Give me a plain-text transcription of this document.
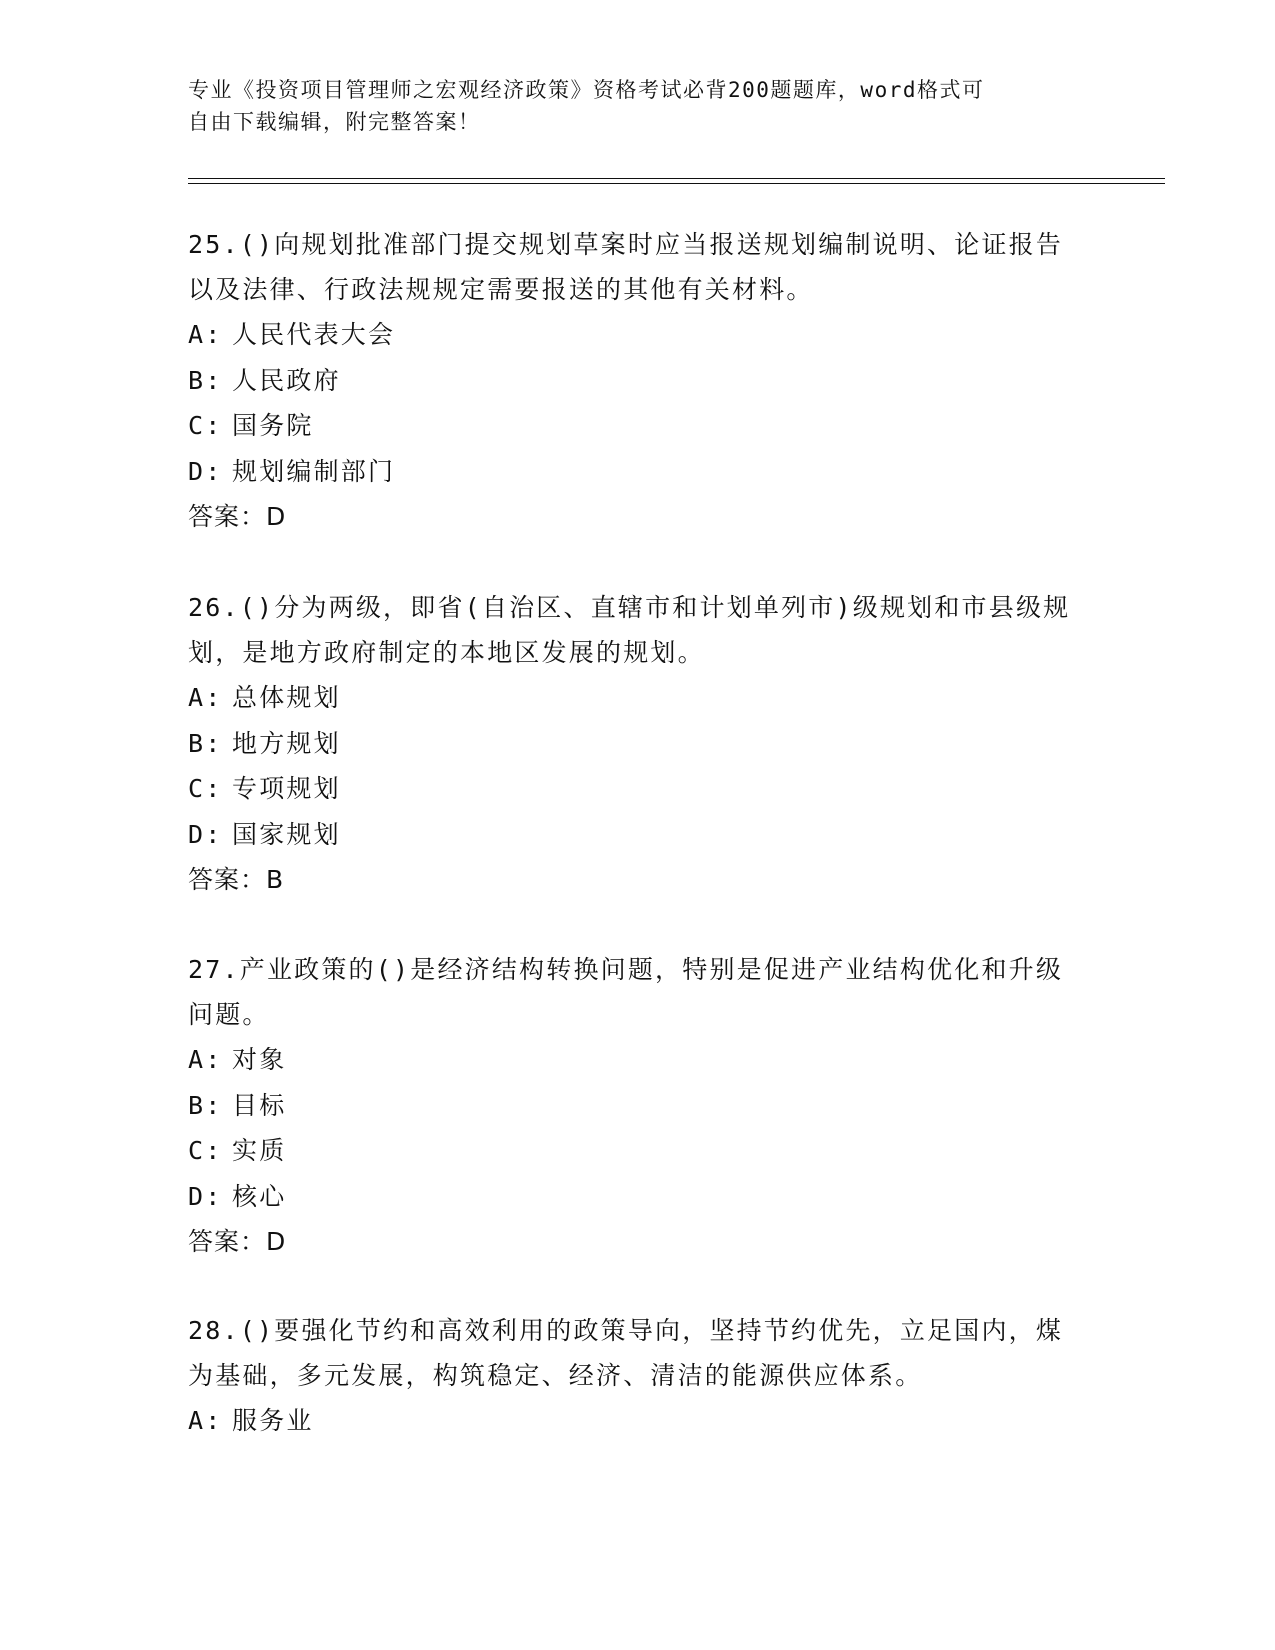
专业《投资项目管理师之宏观经济政策》资格考试必背200题题库，word格式可
自由下载编辑，附完整答案！
25.()向规划批准部门提交规划草案时应当报送规划编制说明、论证报告以及法律、行政法规规定需要报送的其他有关材料。
A: 人民代表大会
B: 人民政府
C: 国务院
D: 规划编制部门
答案：D
26.()分为两级，即省(自治区、直辖市和计划单列市)级规划和市县级规划，是地方政府制定的本地区发展的规划。
A: 总体规划
B: 地方规划
C: 专项规划
D: 国家规划
答案：B
27.产业政策的()是经济结构转换问题，特别是促进产业结构优化和升级问题。
A: 对象
B: 目标
C: 实质
D: 核心
答案：D
28.()要强化节约和高效利用的政策导向，坚持节约优先，立足国内，煤为基础，多元发展，构筑稳定、经济、清洁的能源供应体系。
A: 服务业
